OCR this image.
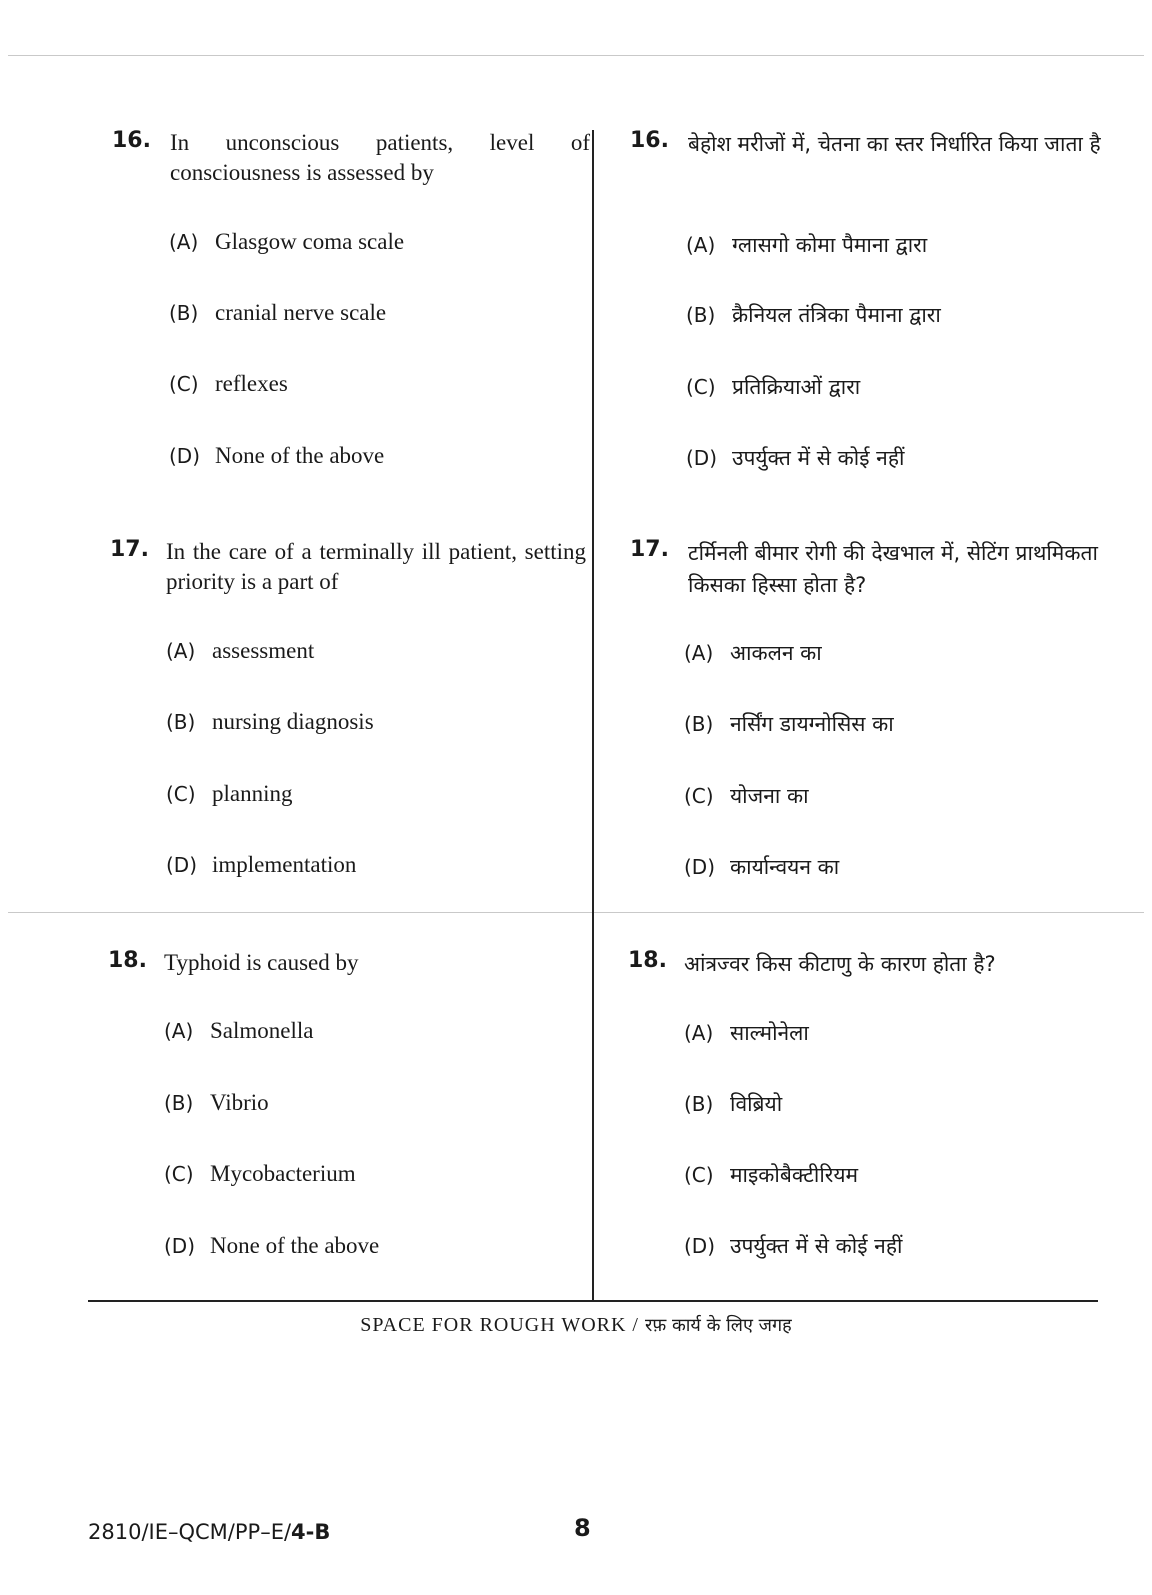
16. In unconscious patients, level of consciousness is assessed by
(A) Glasgow coma scale
(B) cranial nerve scale
(C) reflexes
(D) None of the above
16. बेहोश मरीजों में, चेतना का स्तर निर्धारित किया जाता है
(A) ग्लासगो कोमा पैमाना द्वारा
(B) क्रैनियल तंत्रिका पैमाना द्वारा
(C) प्रतिक्रियाओं द्वारा
(D) उपर्युक्त में से कोई नहीं
17. In the care of a terminally ill patient, setting priority is a part of
(A) assessment
(B) nursing diagnosis
(C) planning
(D) implementation
17. टर्मिनली बीमार रोगी की देखभाल में, सेटिंग प्राथमिकता किसका हिस्सा होता है?
(A) आकलन का
(B) नर्सिंग डायग्नोसिस का
(C) योजना का
(D) कार्यान्वयन का
18. Typhoid is caused by
(A) Salmonella
(B) Vibrio
(C) Mycobacterium
(D) None of the above
18. आंत्रज्वर किस कीटाणु के कारण होता है?
(A) साल्मोनेला
(B) विब्रियो
(C) माइकोबैक्टीरियम
(D) उपर्युक्त में से कोई नहीं
SPACE FOR ROUGH WORK / रफ़ कार्य के लिए जगह
2810/IE–QCM/PP–E/4-B	8
